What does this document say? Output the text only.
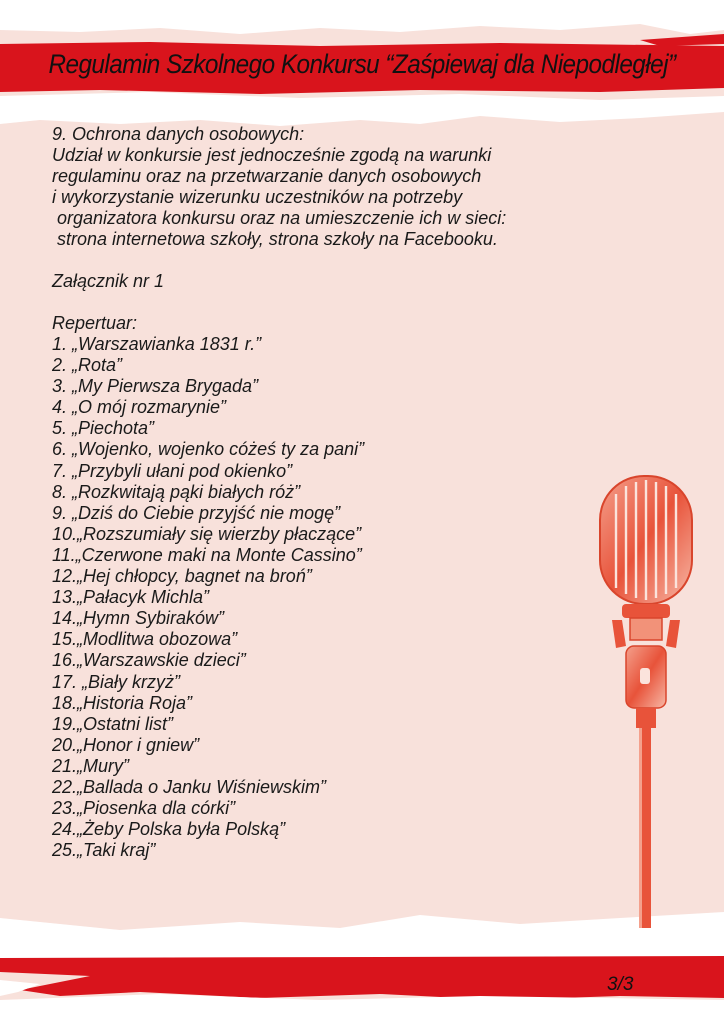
Regulamin Szkolnego Konkursu “Zaśpiewaj dla Niepodległej”

9. Ochrona danych osobowych:

Udział w konkursie jest jednocześnie zgodą na warunki

regulaminu oraz na przetwarzanie danych osobowych

i wykorzystanie wizerunku uczestników na potrzeby

organizatora konkursu oraz na umieszczenie ich w sieci:

strona internetowa szkoły, strona szkoły na Facebooku.

Załącznik nr 1

Repertuar:

1. „Warszawianka 1831 r.”
2. „Rota”
3. „My Pierwsza Brygada”
4. „O mój rozmarynie”
5. „Piechota”
6. „Wojenko, wojenko cóżeś ty za pani”
7. „Przybyli ułani pod okienko”
8. „Rozkwitają pąki białych róż”
9. „Dziś do Ciebie przyjść nie mogę”
10.„Rozszumiały się wierzby płaczące”
11.„Czerwone maki na Monte Cassino”
12.„Hej chłopcy, bagnet na broń”
13.„Pałacyk Michla”
14.„Hymn Sybiraków”
15.„Modlitwa obozowa”
16.„Warszawskie dzieci”
17. „Biały krzyż”
18.„Historia Roja”
19.„Ostatni list”
20.„Honor i gniew”
21.„Mury”
22.„Ballada o Janku Wiśniewskim”
23.„Piosenka dla córki”
24.„Żeby Polska była Polską”
25.„Taki kraj”
3/3
